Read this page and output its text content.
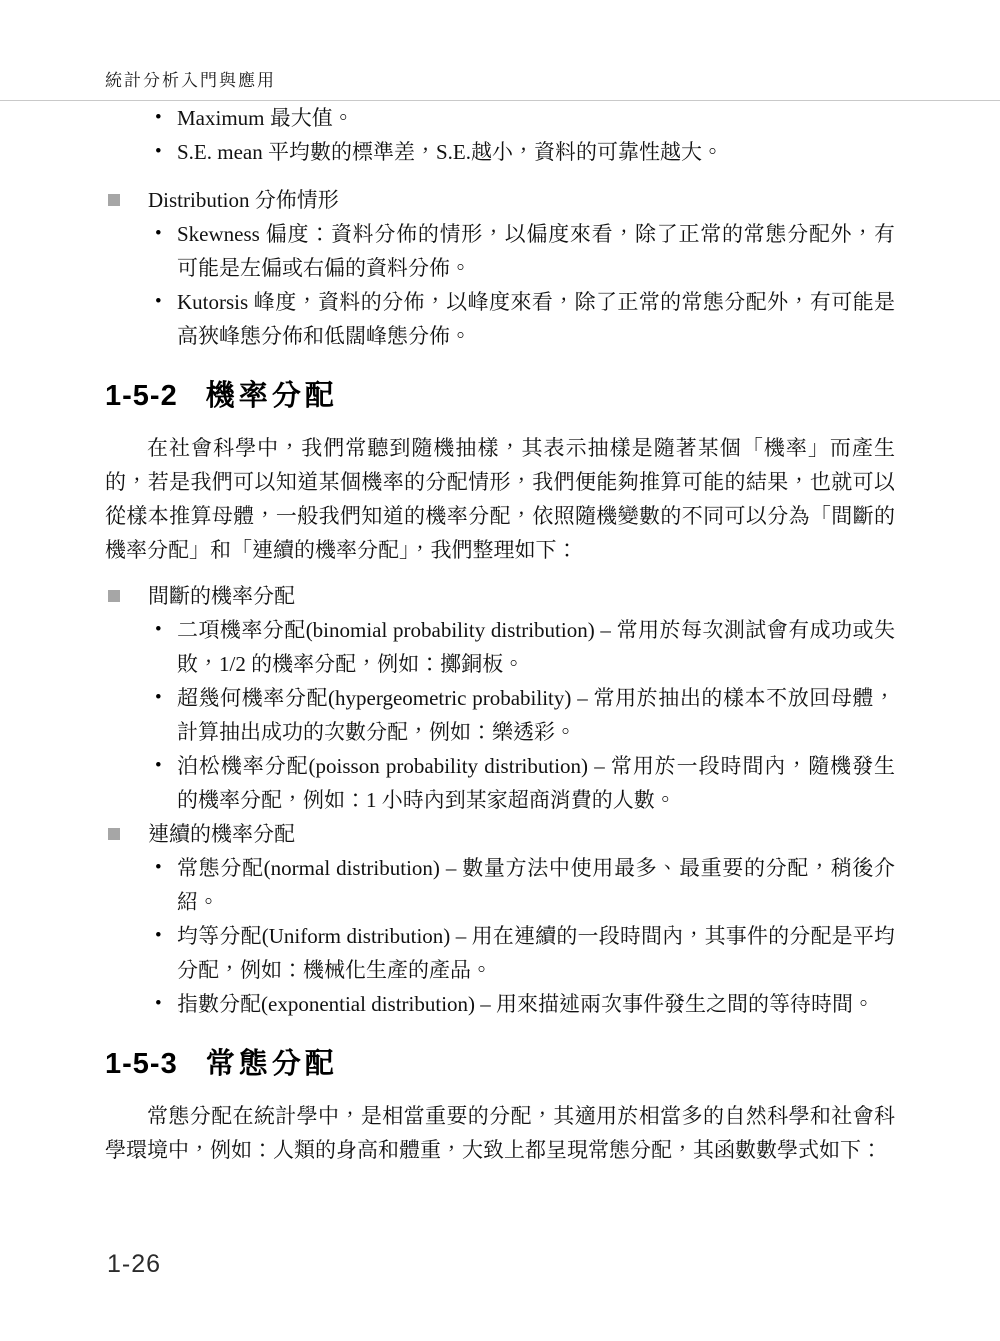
統計分析入門與應用
• Maximum 最大值。
• S.E. mean 平均數的標準差，S.E.越小，資料的可靠性越大。
Distribution 分佈情形
• Skewness 偏度：資料分佈的情形，以偏度來看，除了正常的常態分配外，有可能是左偏或右偏的資料分佈。
• Kutorsis 峰度，資料的分佈，以峰度來看，除了正常的常態分配外，有可能是高狹峰態分佈和低闊峰態分佈。
1-5-2 機率分配

在社會科學中，我們常聽到隨機抽樣，其表示抽樣是隨著某個「機率」而產生的，若是我們可以知道某個機率的分配情形，我們便能夠推算可能的結果，也就可以從樣本推算母體，一般我們知道的機率分配，依照隨機變數的不同可以分為「間斷的機率分配」和「連續的機率分配」，我們整理如下：

間斷的機率分配
• 二項機率分配(binomial probability distribution) – 常用於每次測試會有成功或失敗，1/2 的機率分配，例如：擲銅板。
• 超幾何機率分配(hypergeometric probability) – 常用於抽出的樣本不放回母體，計算抽出成功的次數分配，例如：樂透彩。
• 泊松機率分配(poisson probability distribution) – 常用於一段時間內，隨機發生的機率分配，例如：1 小時內到某家超商消費的人數。
連續的機率分配
• 常態分配(normal distribution) – 數量方法中使用最多、最重要的分配，稍後介紹。
• 均等分配(Uniform distribution) – 用在連續的一段時間內，其事件的分配是平均分配，例如：機械化生產的產品。
• 指數分配(exponential distribution) – 用來描述兩次事件發生之間的等待時間。
1-5-3 常態分配

常態分配在統計學中，是相當重要的分配，其適用於相當多的自然科學和社會科學環境中，例如：人類的身高和體重，大致上都呈現常態分配，其函數數學式如下：

1-26
